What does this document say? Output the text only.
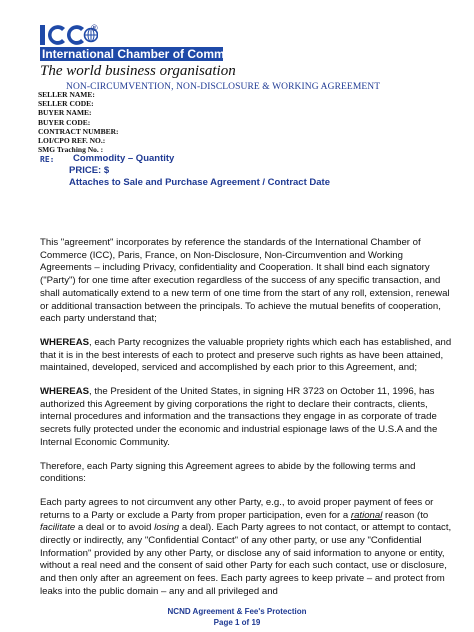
®
International Chamber of Commerce
The world business organisation
NON-CIRCUMVENTION, NON-DISCLOSURE & WORKING AGREEMENT
SELLER NAME:
SELLER CODE:
BUYER NAME:
BUYER CODE:
CONTRACT NUMBER:
LOI/CPO REF. NO.:
SMG Traching No. :
RE: Commodity – Quantity
PRICE: $
Attaches to Sale and Purchase Agreement / Contract Date

This "agreement" incorporates by reference the standards of the International Chamber of Commerce (ICC), Paris, France, on Non-Disclosure, Non-Circumvention and Working Agreements – including Privacy, confidentiality and Cooperation. It shall bind each signatory ("Party") for one time after execution regardless of the success of any specific transaction, and shall automatically extend to a new term of one time from the start of any roll, extension, renewal or additional transaction between the principals. To achieve the mutual benefits of cooperation, each party understand that;

WHEREAS, each Party recognizes the valuable propriety rights which each has established, and that it is in the best interests of each to protect and preserve such rights as have been attained, maintained, developed, serviced and accomplished by each prior to this Agreement, and;

WHEREAS, the President of the United States, in signing HR 3723 on October 11, 1996, has authorized this Agreement by giving corporations the right to declare their contracts, clients, internal procedures and information and the transactions they engage in as corporate of trade secrets fully protected under the economic and industrial espionage laws of the U.S.A and the Internal Economic Community.

Therefore, each Party signing this Agreement agrees to abide by the following terms and conditions:

Each party agrees to not circumvent any other Party, e.g., to avoid proper payment of fees or returns to a Party or exclude a Party from proper participation, even for a rational reason (to facilitate a deal or to avoid losing a deal). Each Party agrees to not contact, or attempt to contact, directly or indirectly, any "Confidential Contact" of any other party, or use any "Confidential Information" provided by any other Party, or disclose any of said information to anyone or entity, without a real need and the consent of said other Party for each such contact, use or disclosure, and then only after an agreement on fees. Each party agrees to keep private – and protect from leaks into the public domain – any and all privileged and

NCND Agreement & Fee's Protection
Page 1 of 19
